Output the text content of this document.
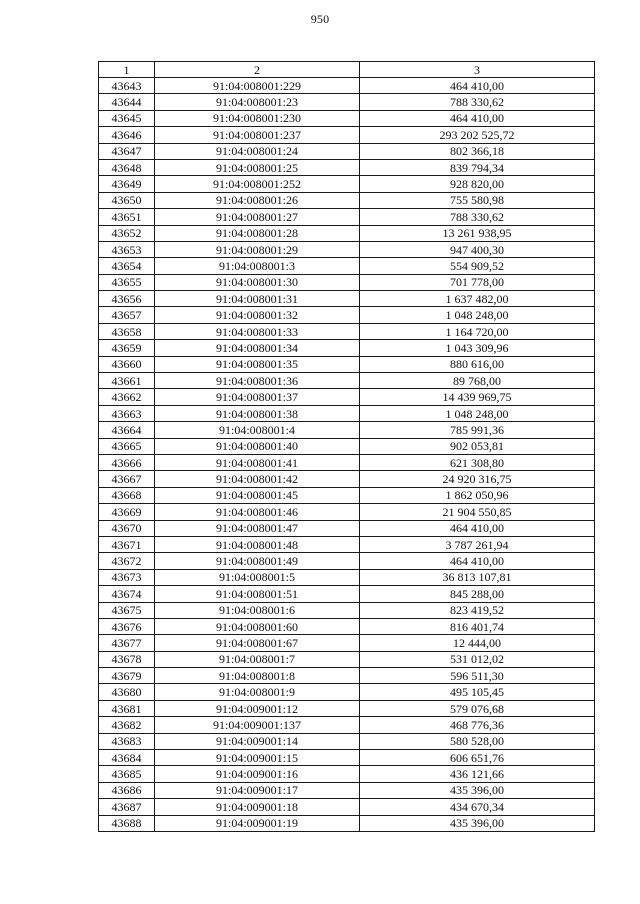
950
1	2	3
43643	91:04:008001:229	464 410,00
43644	91:04:008001:23	788 330,62
43645	91:04:008001:230	464 410,00
43646	91:04:008001:237	293 202 525,72
43647	91:04:008001:24	802 366,18
43648	91:04:008001:25	839 794,34
43649	91:04:008001:252	928 820,00
43650	91:04:008001:26	755 580,98
43651	91:04:008001:27	788 330,62
43652	91:04:008001:28	13 261 938,95
43653	91:04:008001:29	947 400,30
43654	91:04:008001:3	554 909,52
43655	91:04:008001:30	701 778,00
43656	91:04:008001:31	1 637 482,00
43657	91:04:008001:32	1 048 248,00
43658	91:04:008001:33	1 164 720,00
43659	91:04:008001:34	1 043 309,96
43660	91:04:008001:35	880 616,00
43661	91:04:008001:36	89 768,00
43662	91:04:008001:37	14 439 969,75
43663	91:04:008001:38	1 048 248,00
43664	91:04:008001:4	785 991,36
43665	91:04:008001:40	902 053,81
43666	91:04:008001:41	621 308,80
43667	91:04:008001:42	24 920 316,75
43668	91:04:008001:45	1 862 050,96
43669	91:04:008001:46	21 904 550,85
43670	91:04:008001:47	464 410,00
43671	91:04:008001:48	3 787 261,94
43672	91:04:008001:49	464 410,00
43673	91:04:008001:5	36 813 107,81
43674	91:04:008001:51	845 288,00
43675	91:04:008001:6	823 419,52
43676	91:04:008001:60	816 401,74
43677	91:04:008001:67	12 444,00
43678	91:04:008001:7	531 012,02
43679	91:04:008001:8	596 511,30
43680	91:04:008001:9	495 105,45
43681	91:04:009001:12	579 076,68
43682	91:04:009001:137	468 776,36
43683	91:04:009001:14	580 528,00
43684	91:04:009001:15	606 651,76
43685	91:04:009001:16	436 121,66
43686	91:04:009001:17	435 396,00
43687	91:04:009001:18	434 670,34
43688	91:04:009001:19	435 396,00
